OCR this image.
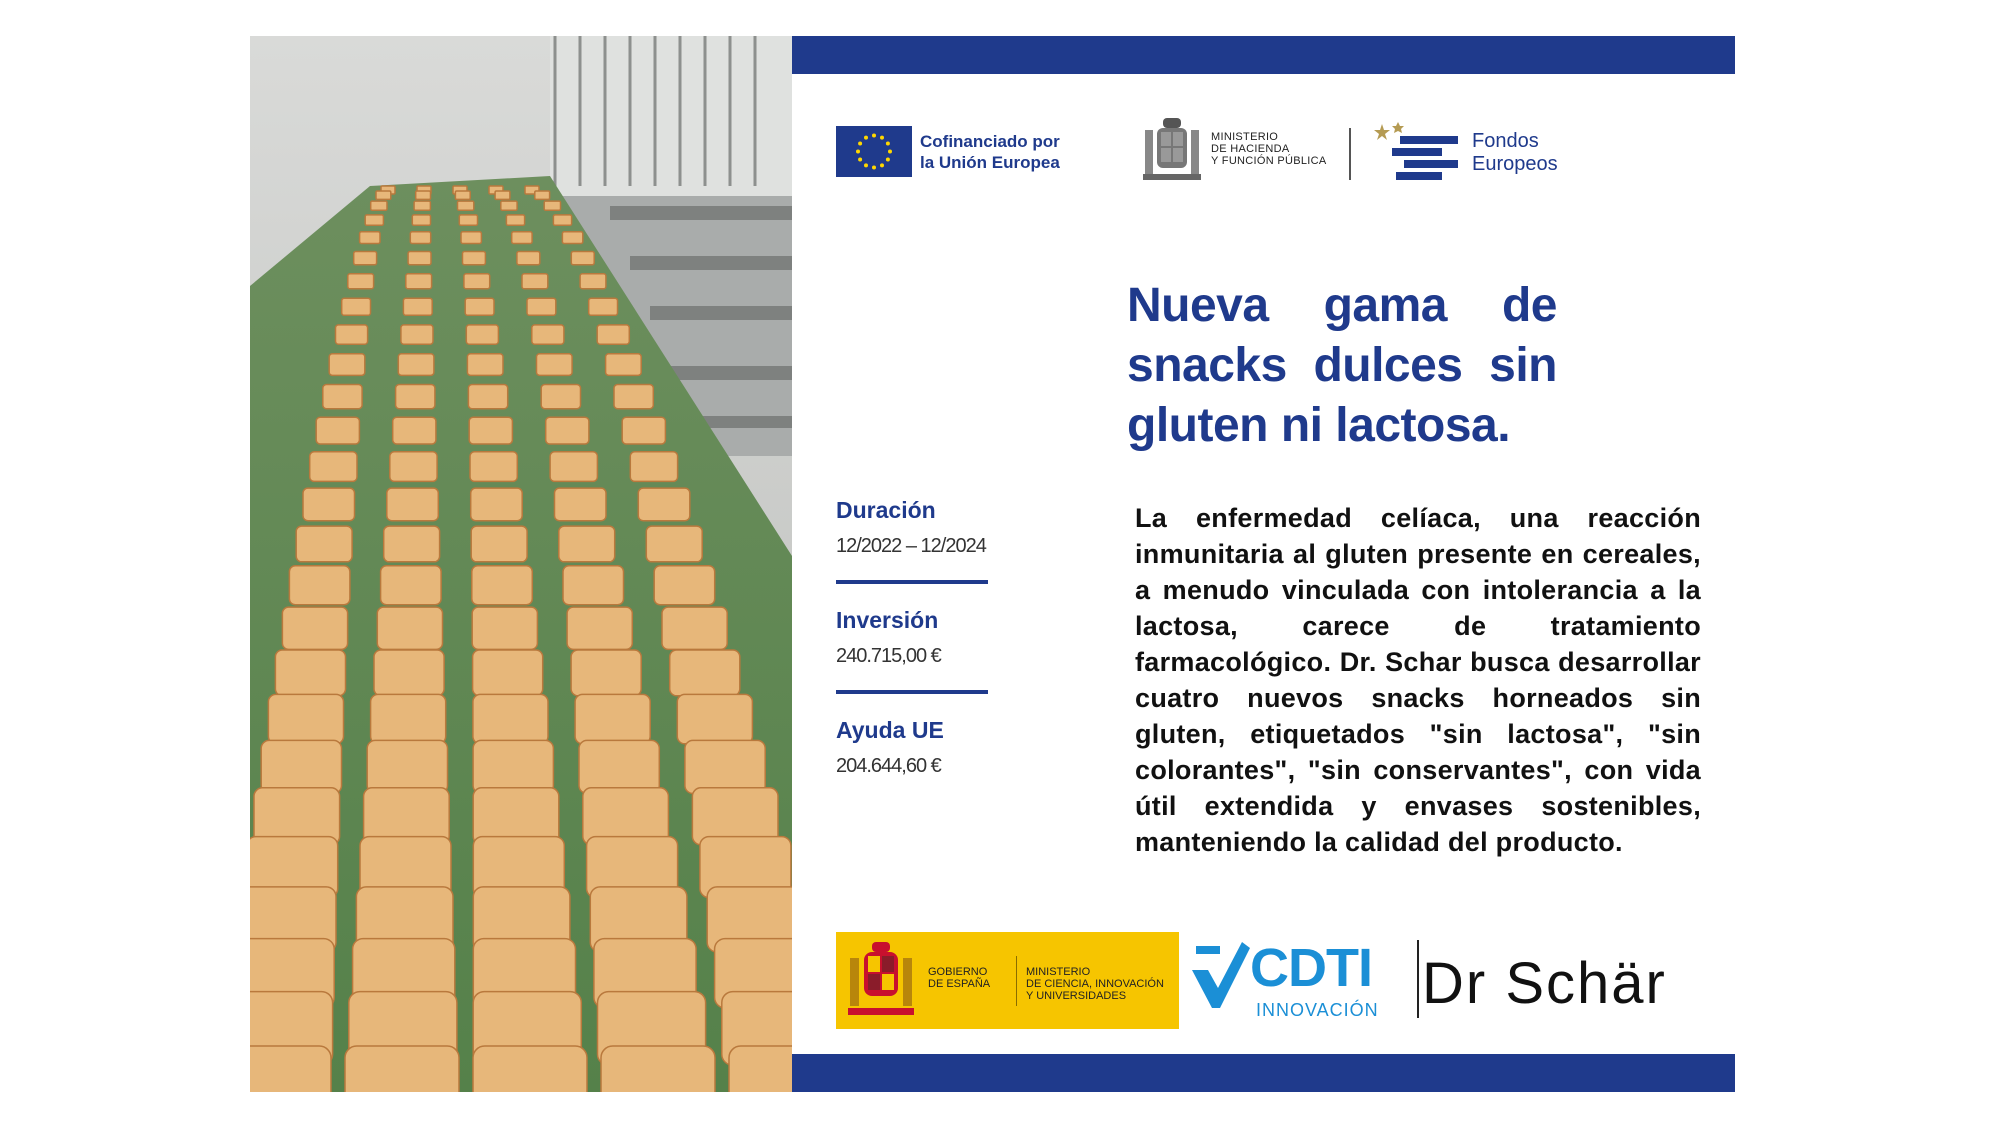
Cofinanciado por
la Unión Europea
MINISTERIO
DE HACIENDA
Y FUNCIÓN PÚBLICA
Fondos
Europeos
Nueva gama de snacks dulces sin gluten ni lactosa.
Duración
12/2022 – 12/2024
Inversión
240.715,00 €
Ayuda UE
204.644,60 €
La enfermedad celíaca, una reacción inmunitaria al gluten presente en cereales, a menudo vinculada con intolerancia a la lactosa, carece de tratamiento farmacológico. Dr. Schar busca desarrollar cuatro nuevos snacks horneados sin gluten, etiquetados "sin lactosa", "sin colorantes", "sin conservantes", con vida útil extendida y envases sostenibles, manteniendo la calidad del producto.
GOBIERNO
DE ESPAÑA
MINISTERIO
DE CIENCIA, INNOVACIÓN
Y UNIVERSIDADES	CDTI
INNOVACIÓN Dr Schär
